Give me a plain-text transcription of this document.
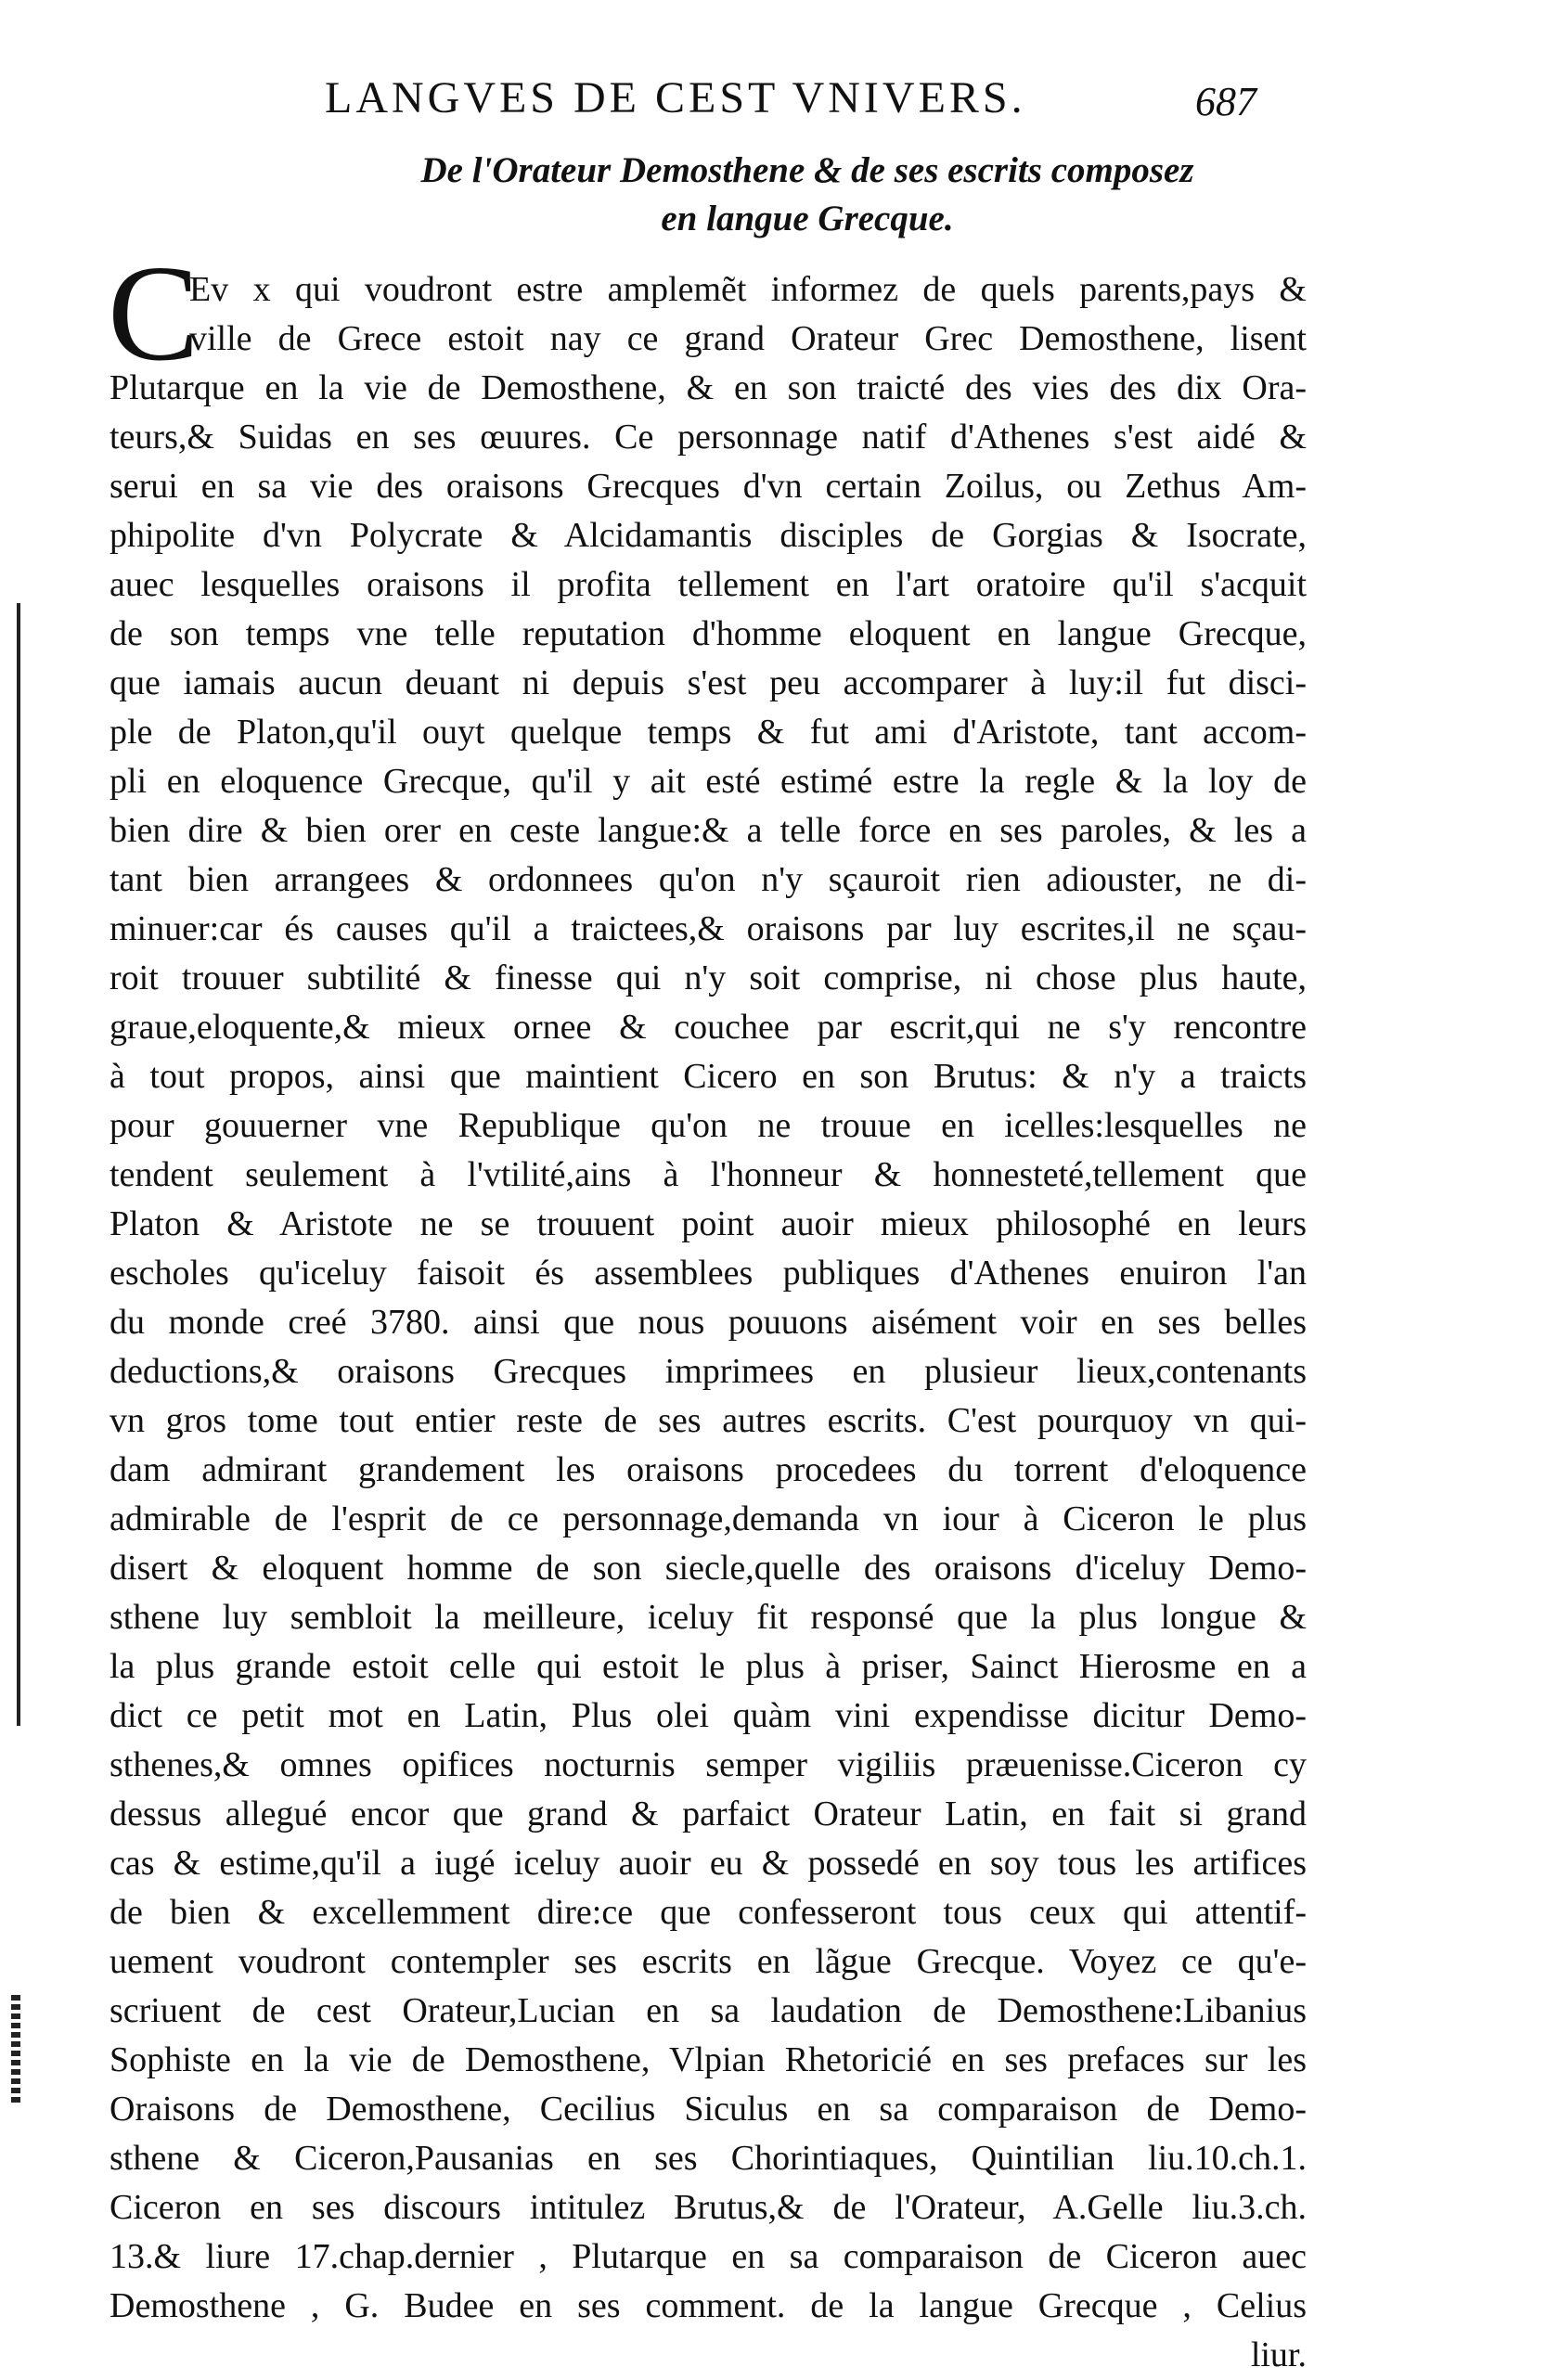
LANGVES DE CEST VNIVERS.	687
De l'Orateur Demosthene & de ses escrits composez
en langue Grecque.
C
Ev x qui voudront estre amplemẽt informez de quels parents,pays &
ville de Grece estoit nay ce grand Orateur Grec Demosthene, lisent
Plutarque en la vie de Demosthene, & en son traicté des vies des dix Ora-
teurs,& Suidas en ses œuures. Ce personnage natif d'Athenes s'est aidé &
serui en sa vie des oraisons Grecques d'vn certain Zoilus, ou Zethus Am-
phipolite d'vn Polycrate & Alcidamantis disciples de Gorgias & Isocrate,
auec lesquelles oraisons il profita tellement en l'art oratoire qu'il s'acquit
de son temps vne telle reputation d'homme eloquent en langue Grecque,
que iamais aucun deuant ni depuis s'est peu accomparer à luy:il fut disci-
ple de Platon,qu'il ouyt quelque temps & fut ami d'Aristote, tant accom-
pli en eloquence Grecque, qu'il y ait esté estimé estre la regle & la loy de
bien dire & bien orer en ceste langue:& a telle force en ses paroles, & les a
tant bien arrangees & ordonnees qu'on n'y sçauroit rien adiouster, ne di-
minuer:car és causes qu'il a traictees,& oraisons par luy escrites,il ne sçau-
roit trouuer subtilité & finesse qui n'y soit comprise, ni chose plus haute,
graue,eloquente,& mieux ornee & couchee par escrit,qui ne s'y rencontre
à tout propos, ainsi que maintient Cicero en son Brutus: & n'y a traicts
pour gouuerner vne Republique qu'on ne trouue en icelles:lesquelles ne
tendent seulement à l'vtilité,ains à l'honneur & honnesteté,tellement que
Platon & Aristote ne se trouuent point auoir mieux philosophé en leurs
escholes qu'iceluy faisoit és assemblees publiques d'Athenes enuiron l'an
du monde creé 3780. ainsi que nous pouuons aisément voir en ses belles
deductions,& oraisons Grecques imprimees en plusieur lieux,contenants
vn gros tome tout entier reste de ses autres escrits. C'est pourquoy vn qui-
dam admirant grandement les oraisons procedees du torrent d'eloquence
admirable de l'esprit de ce personnage,demanda vn iour à Ciceron le plus
disert & eloquent homme de son siecle,quelle des oraisons d'iceluy Demo-
sthene luy sembloit la meilleure, iceluy fit responsé que la plus longue &
la plus grande estoit celle qui estoit le plus à priser, Sainct Hierosme en a
dict ce petit mot en Latin, Plus olei quàm vini expendisse dicitur Demo-
sthenes,& omnes opifices nocturnis semper vigiliis præuenisse.Ciceron cy
dessus allegué encor que grand & parfaict Orateur Latin, en fait si grand
cas & estime,qu'il a iugé iceluy auoir eu & possedé en soy tous les artifices
de bien & excellemment dire:ce que confesseront tous ceux qui attentif-
uement voudront contempler ses escrits en lãgue Grecque. Voyez ce qu'e-
scriuent de cest Orateur,Lucian en sa laudation de Demosthene:Libanius
Sophiste en la vie de Demosthene, Vlpian Rhetoricié en ses prefaces sur les
Oraisons de Demosthene, Cecilius Siculus en sa comparaison de Demo-
sthene & Ciceron,Pausanias en ses Chorintiaques, Quintilian liu.10.ch.1.
Ciceron en ses discours intitulez Brutus,& de l'Orateur, A.Gelle liu.3.ch.
13.& liure 17.chap.dernier , Plutarque en sa comparaison de Ciceron auec
Demosthene , G. Budee en ses comment. de la langue Grecque , Celius
liur.
